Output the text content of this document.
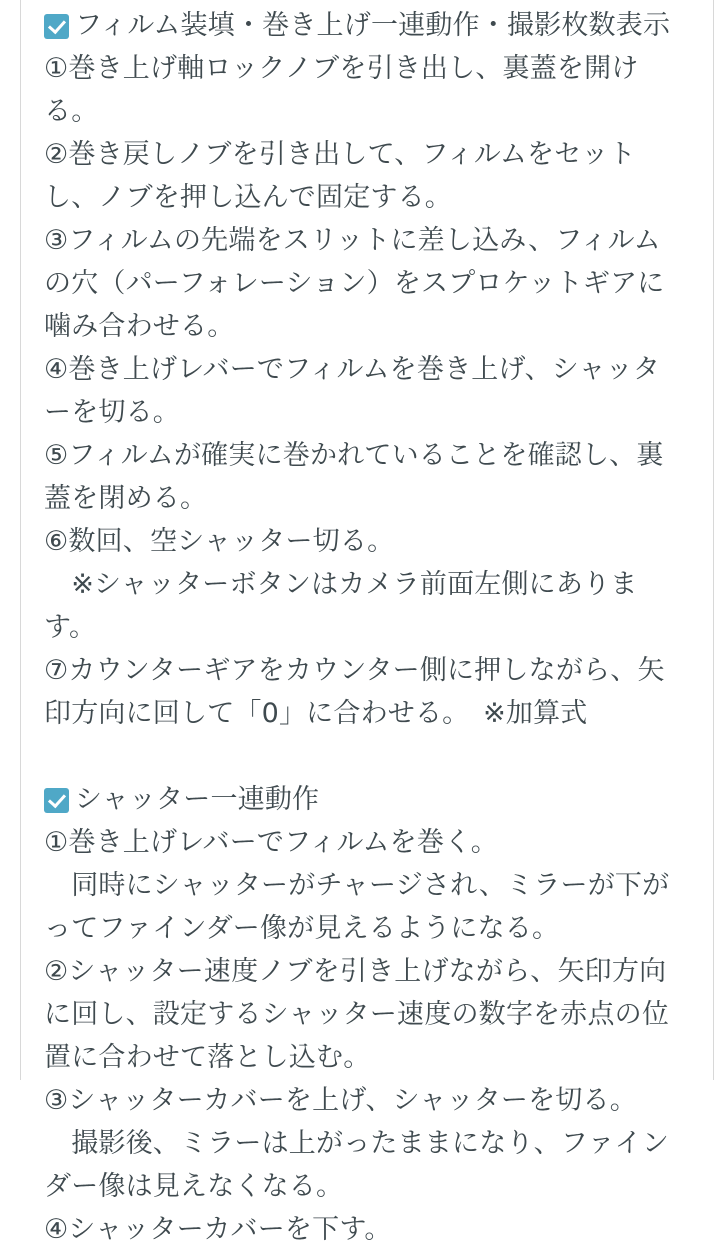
フィルム装填・巻き上げ一連動作・撮影枚数表示
①巻き上げ軸ロックノブを引き出し、裏蓋を開け
る。
②巻き戻しノブを引き出して、フィルムをセット
し、ノブを押し込んで固定する。
③フィルムの先端をスリットに差し込み、フィルム
の穴（パーフォレーション）をスプロケットギアに
噛み合わせる。
④巻き上げレバーでフィルムを巻き上げ、シャッタ
ーを切る。
⑤フィルムが確実に巻かれていることを確認し、裏
蓋を閉める。
⑥数回、空シャッター切る。
　※シャッターボタンはカメラ前面左側にありま
す。
⑦カウンターギアをカウンター側に押しながら、矢
印方向に回して「0」に合わせる。　※加算式
シャッター一連動作
①巻き上げレバーでフィルムを巻く。
　同時にシャッターがチャージされ、ミラーが下が
ってファインダー像が見えるようになる。
②シャッター速度ノブを引き上げながら、矢印方向
に回し、設定するシャッター速度の数字を赤点の位
置に合わせて落とし込む。
③シャッターカバーを上げ、シャッターを切る。
　撮影後、ミラーは上がったままになり、ファイン
ダー像は見えなくなる。
④シャッターカバーを下す。
